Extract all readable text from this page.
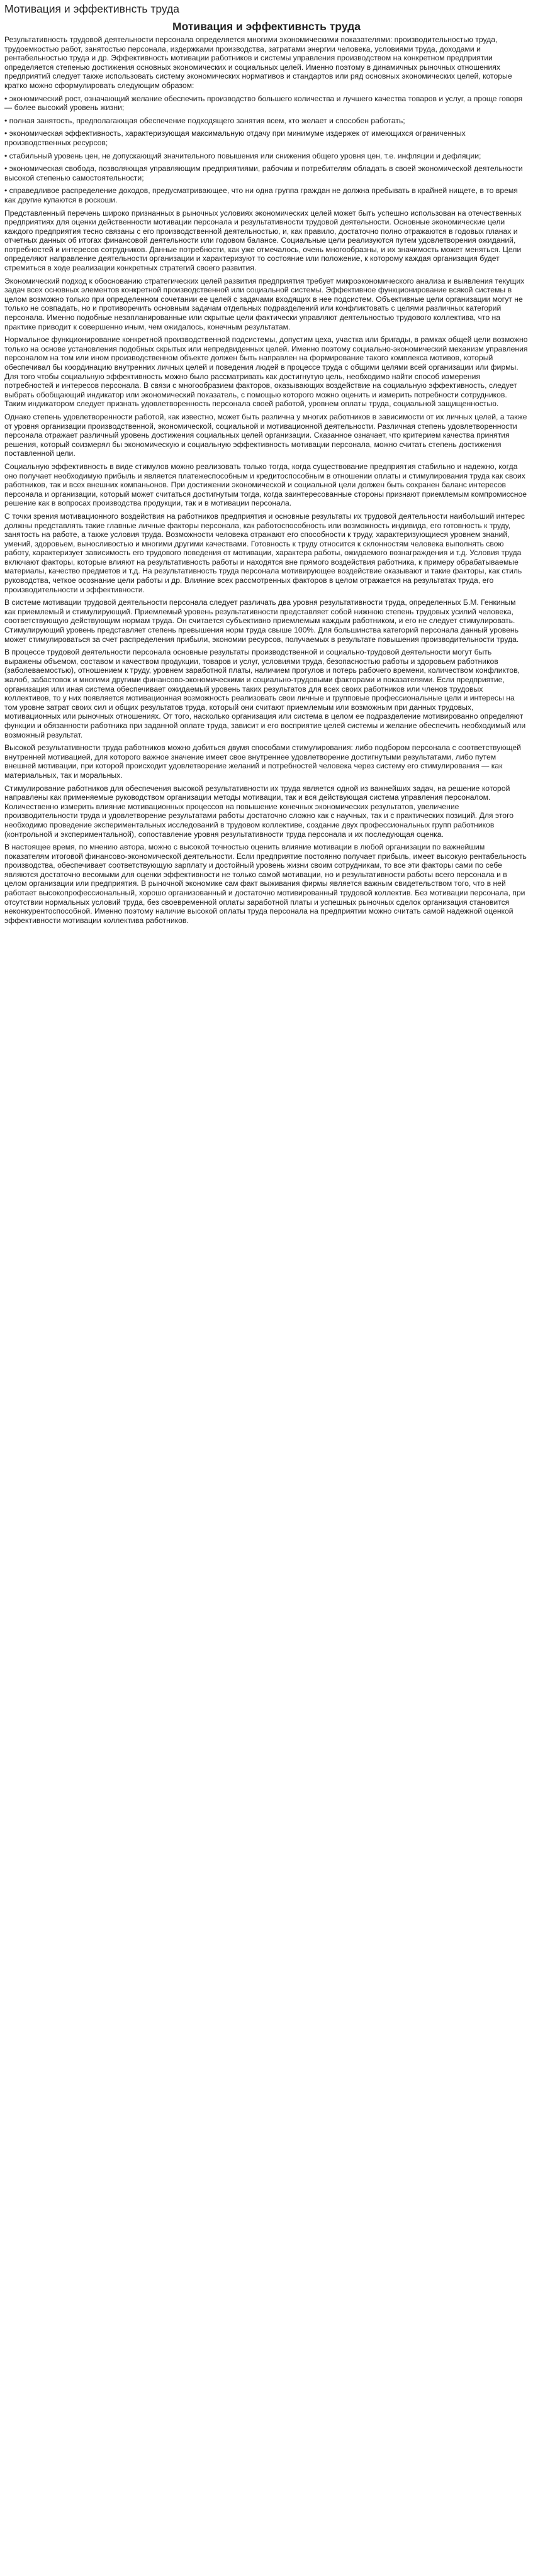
Мотивация и эффективнсть труда
Мотивация и эффективнсть труда

Результативность трудовой деятельности персонала определяется многими экономическими показателями: производительностью труда, трудоемкостью работ, занятостью персонала, издержками производства, затратами энергии человека, условиями труда, доходами и рентабельностью труда и др. Эффективность мотивации работников и системы управления производством на конкретном предприятии определяется степенью достижения основных экономических и социальных целей. Именно поэтому в динамичных рыночных отношениях предприятий следует также использовать систему экономических нормативов и стандартов или ряд основных экономических целей, которые кратко можно сформулировать следующим образом:

• экономический рост, означающий желание обеспечить производство большего количества и лучшего качества товаров и услуг, а проще говоря — более высокий уровень жизни;

• полная занятость, предполагающая обеспечение подходящего занятия всем, кто желает и способен работать;

• экономическая эффективность, характеризующая максимальную отдачу при минимуме издержек от имеющихся ограниченных производственных ресурсов;

• стабильный уровень цен, не допускающий значительного повышения или снижения общего уровня цен, т.е. инфляции и дефляции;

• экономическая свобода, позволяющая управляющим предприятиями, рабочим и потребителям обладать в своей экономической деятельности высокой степенью самостоятельности;

• справедливое распределение доходов, предусматривающее, что ни одна группа граждан не должна пребывать в крайней нищете, в то время как другие купаются в роскоши.

Представленный перечень широко признанных в рыночных условиях экономических целей может быть успешно использован на отечественных предприятиях для оценки действенности мотивации персонала и результативности трудовой деятельности. Основные экономические цели каждого предприятия тесно связаны с его производственной деятельностью, и, как правило, достаточно полно отражаются в годовых планах и отчетных данных об итогах финансовой деятельности или годовом балансе. Социальные цели реализуются путем удовлетворения ожиданий, потребностей и интересов сотрудников. Данные потребности, как уже отмечалось, очень многообразны, и их значимость может меняться. Цели определяют направление деятельности организации и характеризуют то состояние или положение, к которому каждая организация будет стремиться в ходе реализации конкретных стратегий своего развития.

Экономический подход к обоснованию стратегических целей развития предприятия требует микроэкономического анализа и выявления текущих задач всех основных элементов конкретной производственной или социальной системы. Эффективное функционирование всякой системы в целом возможно только при определенном сочетании ее целей с задачами входящих в нее подсистем. Объективные цели организации могут не только не совпадать, но и противоречить основным задачам отдельных подразделений или конфликтовать с целями различных категорий персонала. Именно подобные незапланированные или скрытые цели фактически управляют деятельностью трудового коллектива, что на практике приводит к совершенно иным, чем ожидалось, конечным результатам.

Нормальное функционирование конкретной производственной подсистемы, допустим цеха, участка или бригады, в рамках общей цели возможно только на основе установления подобных скрытых или непредвиденных целей. Именно поэтому социально-экономический механизм управления персоналом на том или ином производственном объекте должен быть направлен на формирование такого комплекса мотивов, который обеспечивал бы координацию внутренних личных целей и поведения людей в процессе труда с общими целями всей организации или фирмы. Для того чтобы социальную эффективность можно было рассматривать как достигнутую цель, необходимо найти способ измерения потребностей и интересов персонала. В связи с многообразием факторов, оказывающих воздействие на социальную эффективность, следует выбрать обобщающий индикатор или экономический показатель, с помощью которого можно оценить и измерить потребности сотрудников. Таким индикатором следует признать удовлетворенность персонала своей работой, уровнем оплаты труда, социальной защищенностью.

Однако степень удовлетворенности работой, как известно, может быть различна у многих работников в зависимости от их личных целей, а также от уровня организации производственной, экономической, социальной и мотивационной деятельности. Различная степень удовлетворенности персонала отражает различный уровень достижения социальных целей организации. Сказанное означает, что критерием качества принятия решения, который соизмерял бы экономическую и социальную эффективность мотивации персонала, можно считать степень достижения поставленной цели.

Социальную эффективность в виде стимулов можно реализовать только тогда, когда существование предприятия стабильно и надежно, когда оно получает необходимую прибыль и является платежеспособным и кредитоспособным в отношении оплаты и стимулирования труда как своих работников, так и всех внешних компаньонов. При достижении экономической и социальной цели должен быть сохранен баланс интересов персонала и организации, который может считаться достигнутым тогда, когда заинтересованные стороны признают приемлемым компромиссное решение как в вопросах производства продукции, так и в мотивации персонала.

С точки зрения мотивационного воздействия на работников предприятия и основные результаты их трудовой деятельности наибольший интерес должны представлять такие главные личные факторы персонала, как работоспособность или возможность индивида, его готовность к труду, занятость на работе, а также условия труда. Возможности человека отражают его способности к труду, характеризующиеся уровнем знаний, умений, здоровьем, выносливостью и многими другими качествами. Готовность к труду относится к склонностям человека выполнять свою работу, характеризует зависимость его трудового поведения от мотивации, характера работы, ожидаемого вознаграждения и т.д. Условия труда включают факторы, которые влияют на результативность работы и находятся вне прямого воздействия работника, к примеру обрабатываемые материалы, качество предметов и т.д. На результативность труда персонала мотивирующее воздействие оказывают и такие факторы, как стиль руководства, четкое осознание цели работы и др. Влияние всех рассмотренных факторов в целом отражается на результатах труда, его производительности и эффективности.

В системе мотивации трудовой деятельности персонала следует различать два уровня результативности труда, определенных Б.М. Генкиным как приемлемый и стимулирующий. Приемлемый уровень результативности представляет собой нижнюю степень трудовых усилий человека, соответствующую действующим нормам труда. Он считается субъективно приемлемым каждым работником, и его не следует стимулировать. Стимулирующий уровень представляет степень превышения норм труда свыше 100%. Для большинства категорий персонала данный уровень может стимулироваться за счет распределения прибыли, экономии ресурсов, получаемых в результате повышения производительности труда.

В процессе трудовой деятельности персонала основные результаты производственной и социально-трудовой деятельности могут быть выражены объемом, составом и качеством продукции, товаров и услуг, условиями труда, безопасностью работы и здоровьем работников (заболеваемостью), отношением к труду, уровнем заработной платы, наличием прогулов и потерь рабочего времени, количеством конфликтов, жалоб, забастовок и многими другими финансово-экономическими и социально-трудовыми факторами и показателями. Если предприятие, организация или иная система обеспечивает ожидаемый уровень таких результатов для всех своих работников или членов трудовых коллективов, то у них появляется мотивационная возможность реализовать свои личные и групповые профессиональные цели и интересы на том уровне затрат своих сил и общих результатов труда, который они считают приемлемым или возможным при данных трудовых, мотивационных или рыночных отношениях. От того, насколько организация или система в целом ее подразделение мотивированно определяют функции и обязанности работника при заданной оплате труда, зависит и его восприятие целей системы и желание обеспечить необходимый или возможный результат.

Высокой результативности труда работников можно добиться двумя способами стимулирования: либо подбором персонала с соответствующей внутренней мотивацией, для которого важное значение имеет свое внутреннее удовлетворение достигнутыми результатами, либо путем внешней мотивации, при которой происходит удовлетворение желаний и потребностей человека через систему его стимулирования — как материальных, так и моральных.

Стимулирование работников для обеспечения высокой результативности их труда является одной из важнейших задач, на решение которой направлены как применяемые руководством организации методы мотивации, так и вся действующая система управления персоналом. Количественно измерить влияние мотивационных процессов на повышение конечных экономических результатов, увеличение производительности труда и удовлетворение результатами работы достаточно сложно как с научных, так и с практических позиций. Для этого необходимо проведение экспериментальных исследований в трудовом коллективе, создание двух профессиональных групп работников (контрольной и экспериментальной), сопоставление уровня результативности труда персонала и их последующая оценка.

В настоящее время, по мнению автора, можно с высокой точностью оценить влияние мотивации в любой организации по важнейшим показателям итоговой финансово-экономической деятельности. Если предприятие постоянно получает прибыль, имеет высокую рентабельность производства, обеспечивает соответствующую зарплату и достойный уровень жизни своим сотрудникам, то все эти факторы сами по себе являются достаточно весомыми для оценки эффективности не только самой мотивации, но и результативности работы всего персонала и в целом организации или предприятия. В рыночной экономике сам факт выживания фирмы является важным свидетельством того, что в ней работает высокопрофессиональный, хорошо организованный и достаточно мотивированный трудовой коллектив. Без мотивации персонала, при отсутствии нормальных условий труда, без своевременной оплаты заработной платы и успешных рыночных сделок организация становится неконкурентоспособной. Именно поэтому наличие высокой оплаты труда персонала на предприятии можно считать самой надежной оценкой эффективности мотивации коллектива работников.
